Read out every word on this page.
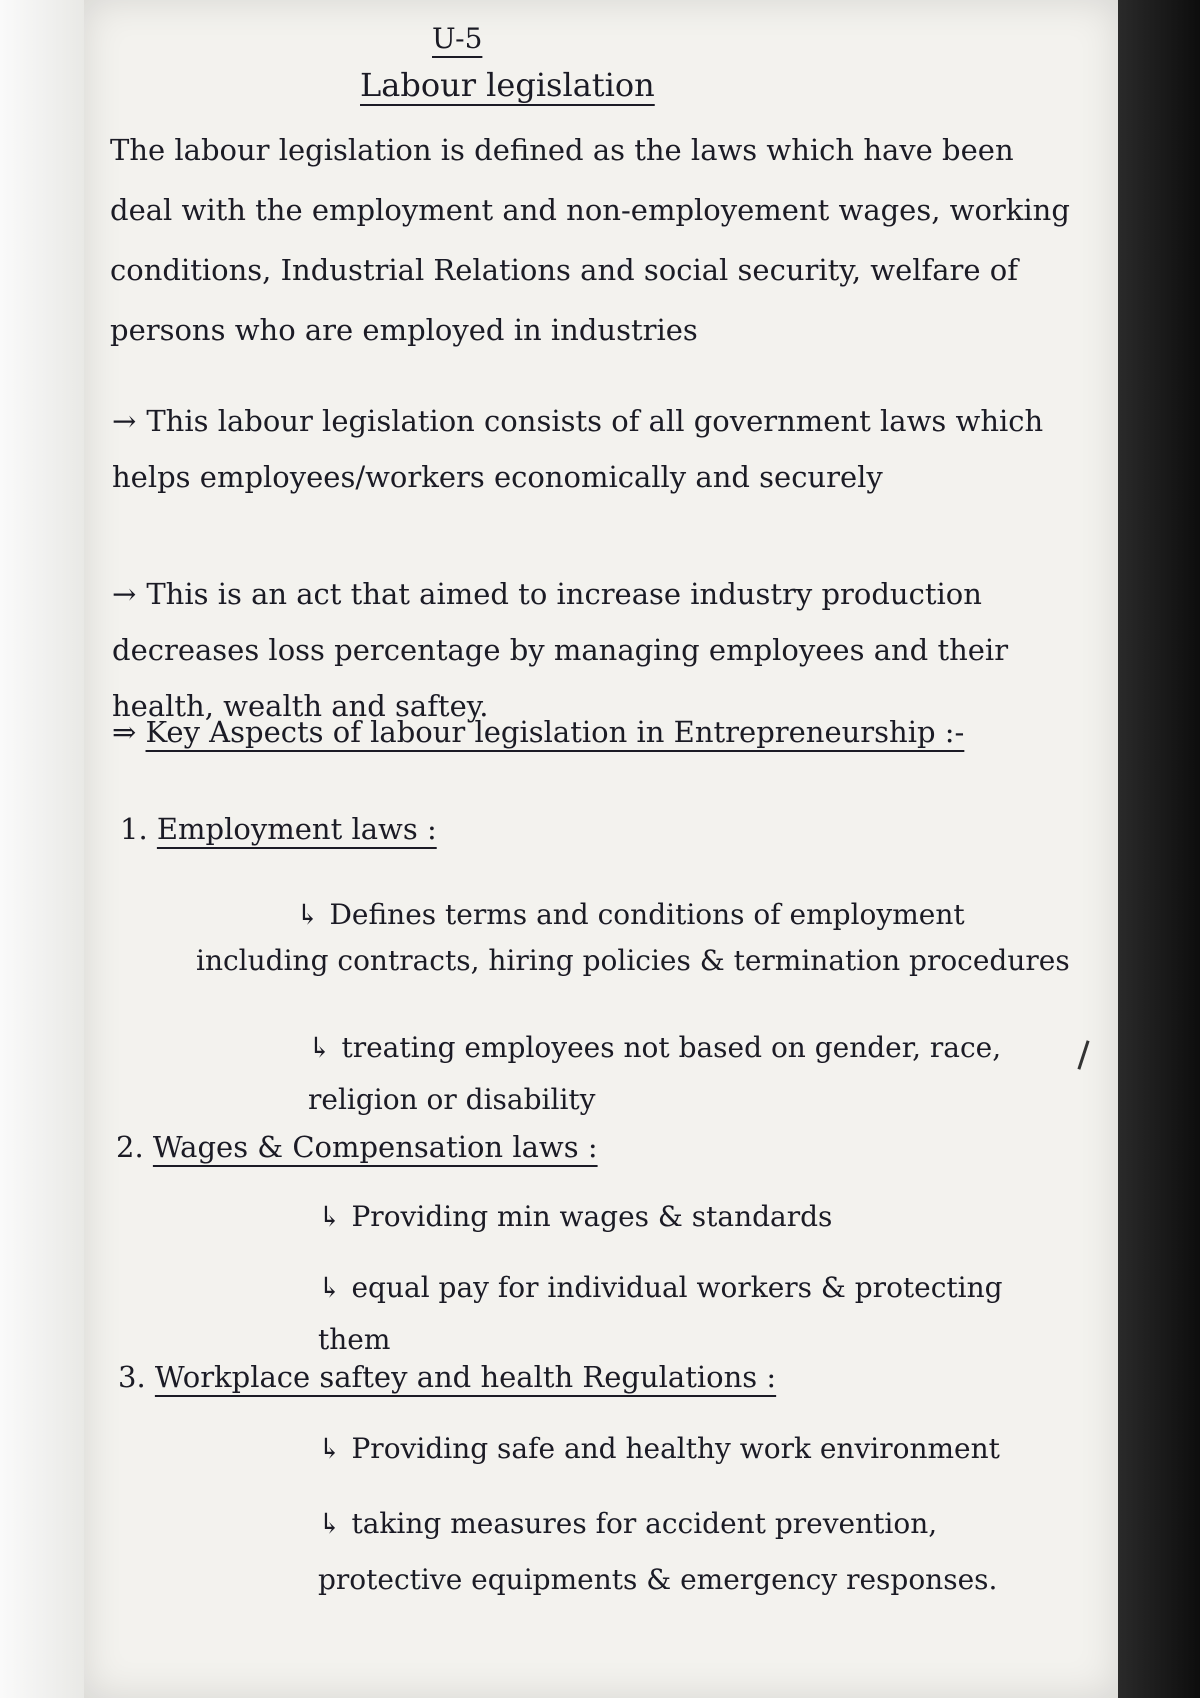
U-5
Labour legislation
The labour legislation is defined as the laws which have been deal with the employment and non-employement wages, working conditions, Industrial Relations and social security, welfare of persons who are employed in industries
→ This labour legislation consists of all government laws which helps employees/workers economically and securely
→ This is an act that aimed to increase industry production decreases loss percentage by managing employees and their health, wealth and saftey.
⇒ Key Aspects of labour legislation in Entrepreneurship :-
1. Employment laws :
↳ Defines terms and conditions of employment including contracts, hiring policies & termination procedures
↳ treating employees not based on gender, race, religion or disability
2. Wages & Compensation laws :
↳ Providing min wages & standards
↳ equal pay for individual workers & protecting them
3. Workplace saftey and health Regulations :
↳ Providing safe and healthy work environment
↳ taking measures for accident prevention, protective equipments & emergency responses.
